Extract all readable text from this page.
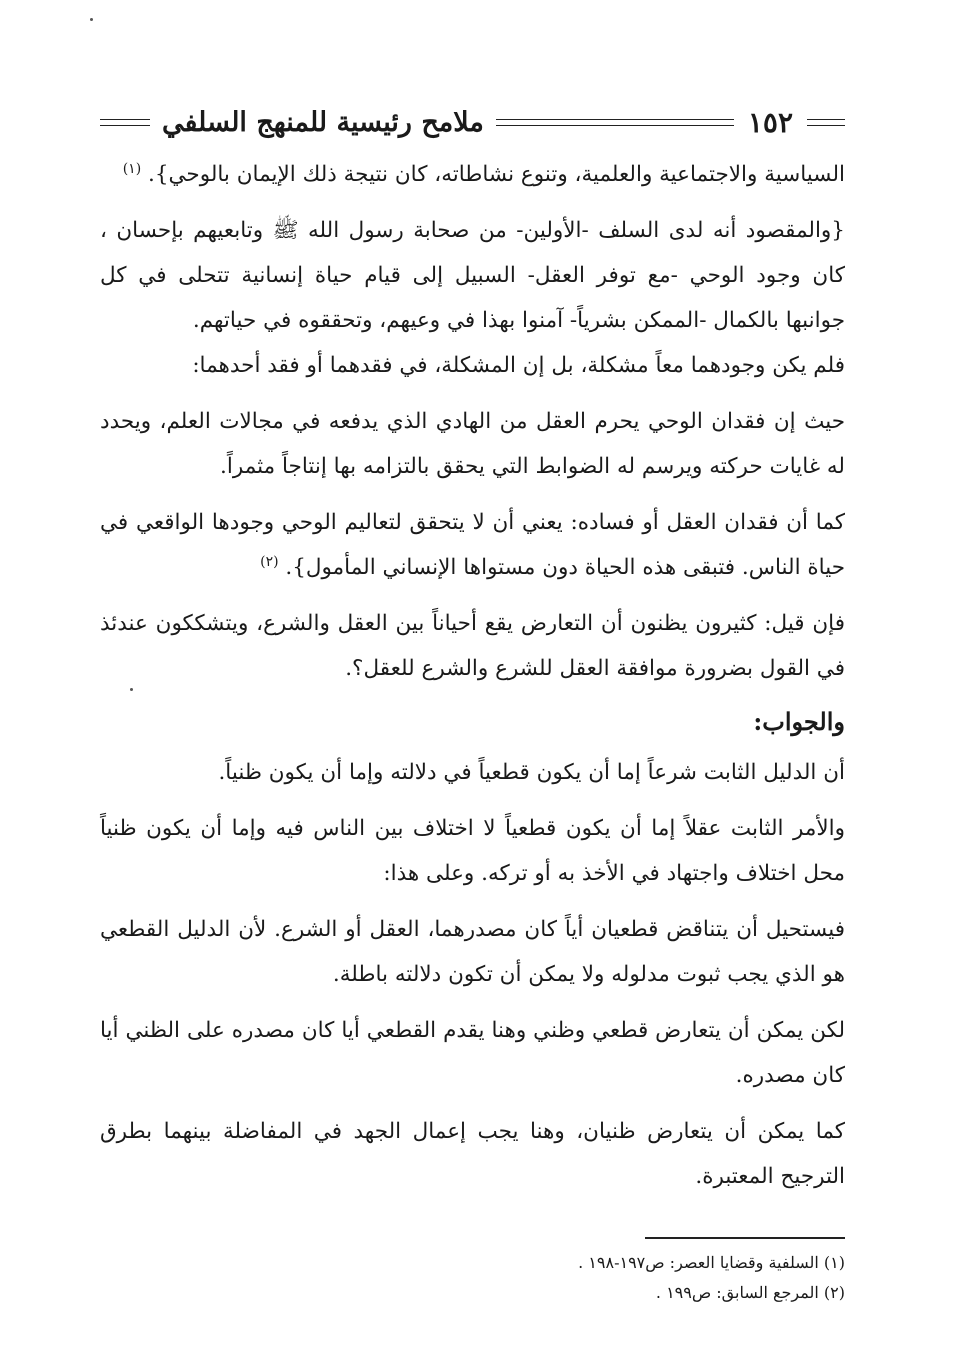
١٥٢
ملامح رئيسية للمنهج السلفي

السياسية والاجتماعية والعلمية، وتنوع نشاطاته، كان نتيجة ذلك الإيمان بالوحي}. $^{(١)}$

{والمقصود أنه لدى السلف -الأولين- من صحابة رسول الله ﷺ وتابعيهم بإحسان ، كان وجود الوحي -مع توفر العقل- السبيل إلى قيام حياة إنسانية تتحلى في كل جوانبها بالكمال -الممكن بشرياً- آمنوا بهذا في وعيهم، وتحققوه في حياتهم.

فلم يكن وجودهما معاً مشكلة، بل إن المشكلة، في فقدهما أو فقد أحدهما:

حيث إن فقدان الوحي يحرم العقل من الهادي الذي يدفعه في مجالات العلم، ويحدد له غايات حركته ويرسم له الضوابط التي يحقق بالتزامه بها إنتاجاً مثمراً.

كما أن فقدان العقل أو فساده: يعني أن لا يتحقق لتعاليم الوحي وجودها الواقعي في حياة الناس. فتبقى هذه الحياة دون مستواها الإنساني المأمول}. $^{(٢)}$

فإن قيل: كثيرون يظنون أن التعارض يقع أحياناً بين العقل والشرع، ويتشككون عندئذ في القول بضرورة موافقة العقل للشرع والشرع للعقل؟.

والجواب:

أن الدليل الثابت شرعاً إما أن يكون قطعياً في دلالته وإما أن يكون ظنياً.

والأمر الثابت عقلاً إما أن يكون قطعياً لا اختلاف بين الناس فيه وإما أن يكون ظنياً محل اختلاف واجتهاد في الأخذ به أو تركه. وعلى هذا:

فيستحيل أن يتناقض قطعيان أياً كان مصدرهما، العقل أو الشرع. لأن الدليل القطعي هو الذي يجب ثبوت مدلوله ولا يمكن أن تكون دلالته باطلة.

لكن يمكن أن يتعارض قطعي وظني وهنا يقدم القطعي أيا كان مصدره على الظني أيا كان مصدره.

كما يمكن أن يتعارض ظنيان، وهنا يجب إعمال الجهد في المفاضلة بينهما بطرق الترجيح المعتبرة.

(١) السلفية وقضايا العصر: ص١٩٧-١٩٨ .
(٢) المرجع السابق: ص١٩٩ .
